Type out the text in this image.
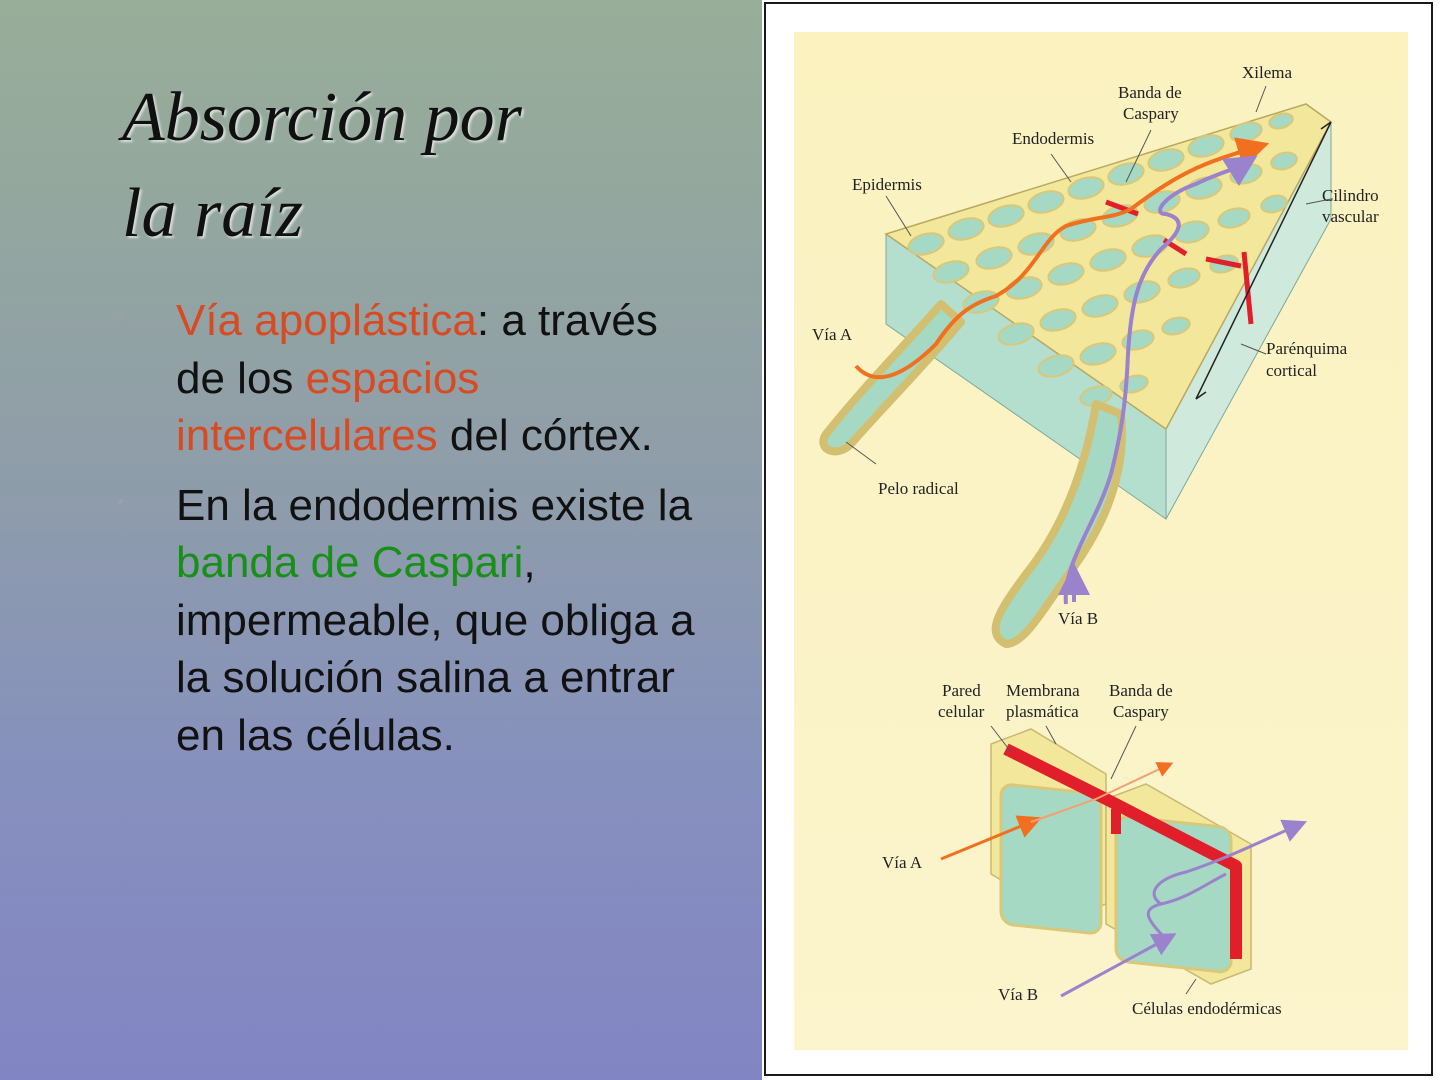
Absorción por
la raíz
Vía apoplástica: a través de los espacios intercelulares del córtex.
En la endodermis existe la banda de Caspari, impermeable, que obliga a la solución salina a entrar en las células.
Xilema
Banda de
Caspary
Endodermis
Epidermis
Cilindro
vascular
Vía A
Parénquima
cortical
Pelo radical
Vía B
Pared
celular
Membrana
plasmática
Banda de
Caspary
Vía A
Vía B
Células endodérmicas
